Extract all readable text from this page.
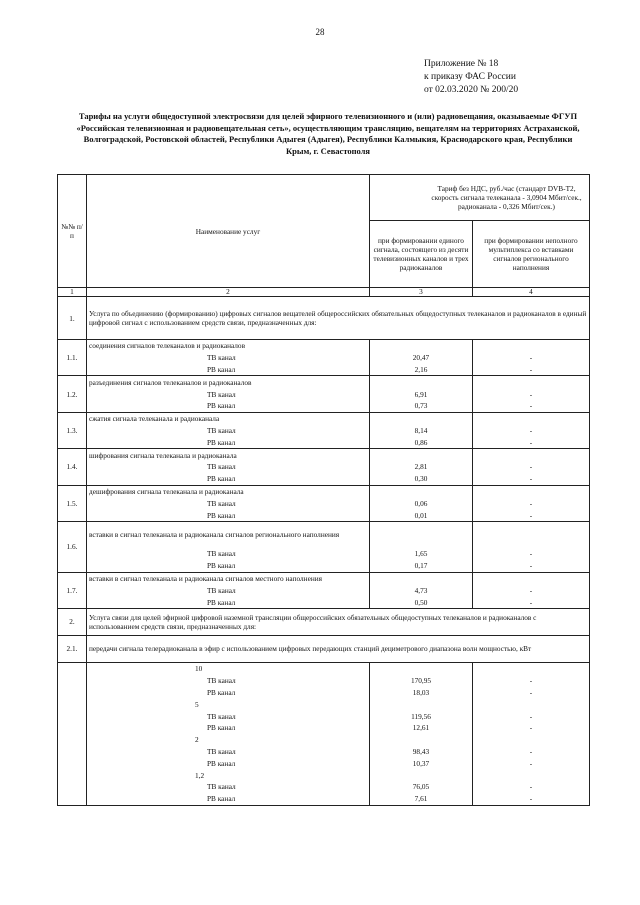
28
Приложение № 18
к приказу ФАС России
от 02.03.2020 № 200/20
Тарифы на услуги общедоступной электросвязи для целей эфирного телевизионного и (или) радиовещания, оказываемые ФГУП «Российская телевизионная и радиовещательная сеть», осуществляющим трансляцию, вещателям на территориях Астраханской, Волгоградской, Ростовской областей, Республики Адыгея (Адыгея), Республики Калмыкия, Краснодарского края, Республики Крым, г. Севастополя
№№ п/п	Наименование услуг	Тариф без НДС, руб./час (стандарт DVB-T2, скорость сигнала телеканала - 3,0904 Мбит/сек., радиоканала - 0,326 Мбит/сек.)	
		при формировании единого сигнала, состоящего из десяти телевизионных каналов и трех радиоканалов	при формировании неполного мультиплекса со вставками сигналов регионального наполнения
1	2	3	4
1.	Услуга по объединению (формированию) цифровых сигналов вещателей общероссийских обязательных общедоступных телеканалов и радиоканалов в единый цифровой сигнал с использованием средств связи, предназначенных для:		
1.1.	соединения сигналов телеканалов и радиоканалов		
	ТВ канал	20,47	-
	РВ канал	2,16	-
1.2.	разъединения сигналов телеканалов и радиоканалов		
	ТВ канал	6,91	-
	РВ канал	0,73	-
1.3.	сжатия сигнала телеканала и радиоканала		
	ТВ канал	8,14	-
	РВ канал	0,86	-
1.4.	шифрования сигнала телеканала и радиоканала		
	ТВ канал	2,81	-
	РВ канал	0,30	-
1.5.	дешифрования сигнала телеканала и радиоканала		
	ТВ канал	0,06	-
	РВ канал	0,01	-
1.6.	вставки в сигнал телеканала и радиоканала сигналов регионального наполнения		
	ТВ канал	1,65	-
	РВ канал	0,17	-
1.7.	вставки в сигнал телеканала и радиоканала сигналов местного наполнения		
	ТВ канал	4,73	-
	РВ канал	0,50	-
2.	Услуга связи для целей эфирной цифровой наземной трансляции общероссийских обязательных общедоступных телеканалов и радиоканалов с использованием средств связи, предназначенных для:		
2.1.	передачи сигнала телерадиоканала в эфир с использованием цифровых передающих станций дециметрового диапазона волн мощностью, кВт		
	10		
	ТВ канал	170,95	-
	РВ канал	18,03	-
	5		
	ТВ канал	119,56	-
	РВ канал	12,61	-
	2		
	ТВ канал	98,43	-
	РВ канал	10,37	-
	1,2		
	ТВ канал	76,05	-
	РВ канал	7,61	-
